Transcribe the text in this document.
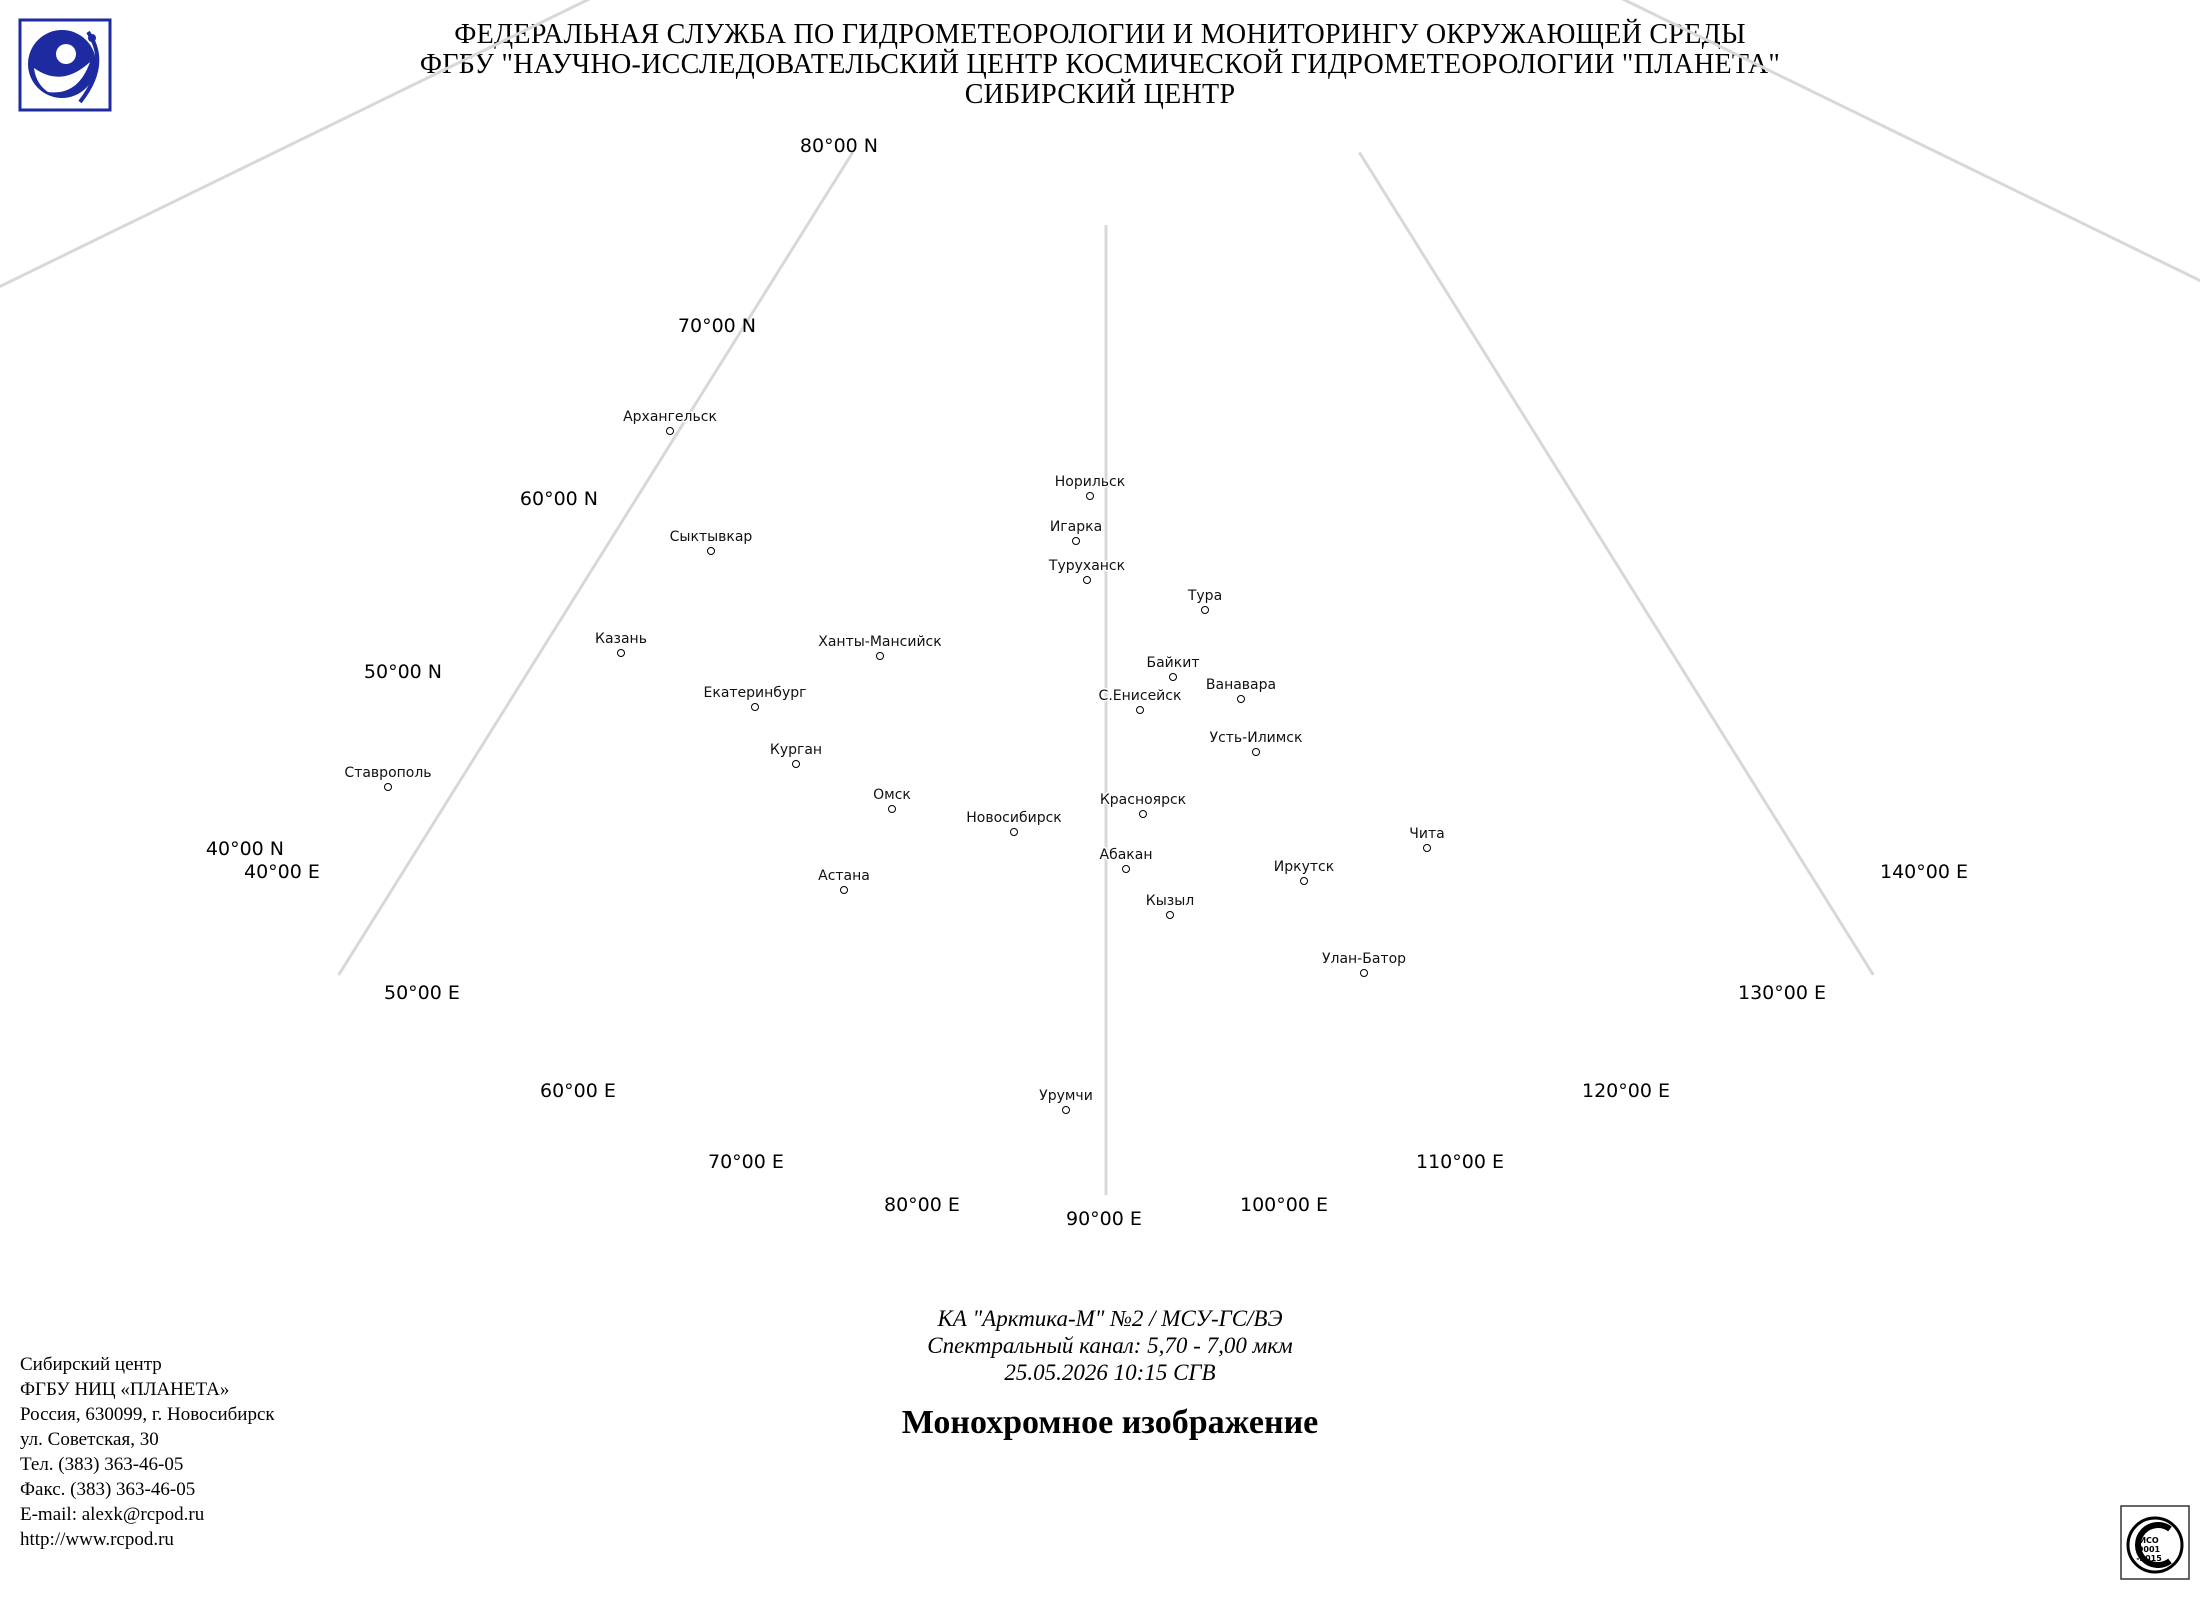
ФЕДЕРАЛЬНАЯ СЛУЖБА ПО ГИДРОМЕТЕОРОЛОГИИ И МОНИТОРИНГУ ОКРУЖАЮЩЕЙ СРЕДЫ
ФГБУ "НАУЧНО-ИССЛЕДОВАТЕЛЬСКИЙ ЦЕНТР КОСМИЧЕСКОЙ ГИДРОМЕТЕОРОЛОГИИ "ПЛАНЕТА"
СИБИРСКИЙ ЦЕНТР
80°00 N
70°00 N
60°00 N
50°00 N
40°00 N
40°00 E
50°00 E
60°00 E
70°00 E
80°00 E
90°00 E
100°00 E
110°00 E
120°00 E
130°00 E
140°00 E
Архангельск
Сыктывкар
Казань
Ставрополь
Екатеринбург
Ханты-Мансийск
Курган
Омск
Астана
Новосибирск
Норильск
Игарка
Туруханск
Тура
Байкит
С.Енисейск
Ванавара
Усть-Илимск
Красноярск
Абакан
Кызыл
Иркутск
Чита
Улан-Батор
Урумчи
КА "Арктика-М" №2 / МСУ-ГС/ВЭ
Спектральный канал: 5,70 - 7,00 мкм
25.05.2026 10:15 СГВ
Монохромное изображение
Сибирский центр
ФГБУ НИЦ «ПЛАНЕТА»
Россия, 630099, г. Новосибирск
ул. Советская, 30
Тел. (383) 363-46-05
Факс. (383) 363-46-05
E-mail: alexk@rcpod.ru
http://www.rcpod.ru	ИСО
9001
-2015
